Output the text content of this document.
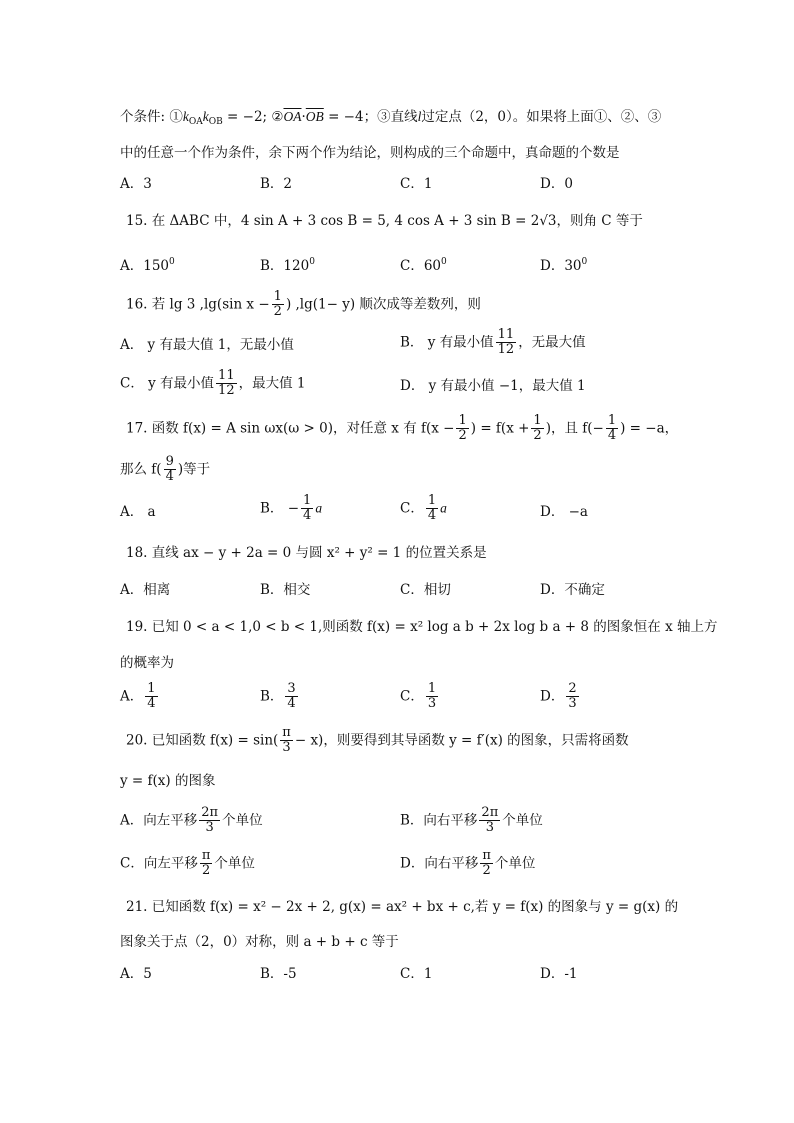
个条件: $①k_{OA}k_{OB} = -2$; $②\overline{OA}\cdot\overline{OB} = -4$；③直线l过定点（2，0）。如果将上面①、②、③
中的任意一个作为条件，余下两个作为结论，则构成的三个命题中，真命题的个数是
A．3	B．2	C．1	D．0
15. 在 ΔABC 中，4 sin A + 3 cos B = 5, 4 cos A + 3 sin B = 2√3，则角 C 等于
A．$150^0$	B．$120^0$	C．$60^0$	D．$30^0$
16. 若 lg 3 ,lg(sin $x - \frac{1}{2}$ ) ,lg(1− y) 顺次成等差数列，则
A． y 有最大值 1，无最小值	B． y 有最小值 $\frac{11}{12}$ ，无最大值
C． y 有最小值 $\frac{11}{12}$ ，最大值 1	D． y 有最小值 −1，最大值 1
17. 函数 f(x) = A sin ωx(ω > 0)，对任意 x 有 $f(x - \frac{1}{2}$ ) = $f(x + \frac{1}{2}$ )，且 $f(- \frac{1}{4}$ ) = −a，
那么 $f( \frac{9}{4}$ )等于
A． a	B． − $\frac{1}{4}$ a	C． $\frac{1}{4}$ a	D． −a
18. 直线 ax − y + 2a = 0 与圆 x² + y² = 1 的位置关系是
A．相离	B．相交	C．相切	D．不确定
19. 已知 0 < a < 1,0 < b < 1,则函数 f(x) = x² log a b + 2x log b a + 8 的图象恒在 x 轴上方
的概率为
A． $\frac{1}{4}$	B． $\frac{3}{4}$	C． $\frac{1}{3}$	D． $\frac{2}{3}$
20. 已知函数 $f(x) = \sin( \frac{\pi}{3} - x)$，则要得到其导函数 y = f′(x) 的图象，只需将函数
y = f(x) 的图象
A．向左平移 $\frac{2\pi}{3}$ 个单位	B．向右平移 $\frac{2\pi}{3}$ 个单位
C．向左平移 $\frac{\pi}{2}$ 个单位	D．向右平移 $\frac{\pi}{2}$ 个单位
21. 已知函数 f(x) = x² − 2x + 2, g(x) = ax² + bx + c,若 y = f(x) 的图象与 y = g(x) 的
图象关于点（2，0）对称，则 a + b + c 等于
A．5	B．-5	C．1	D．-1
